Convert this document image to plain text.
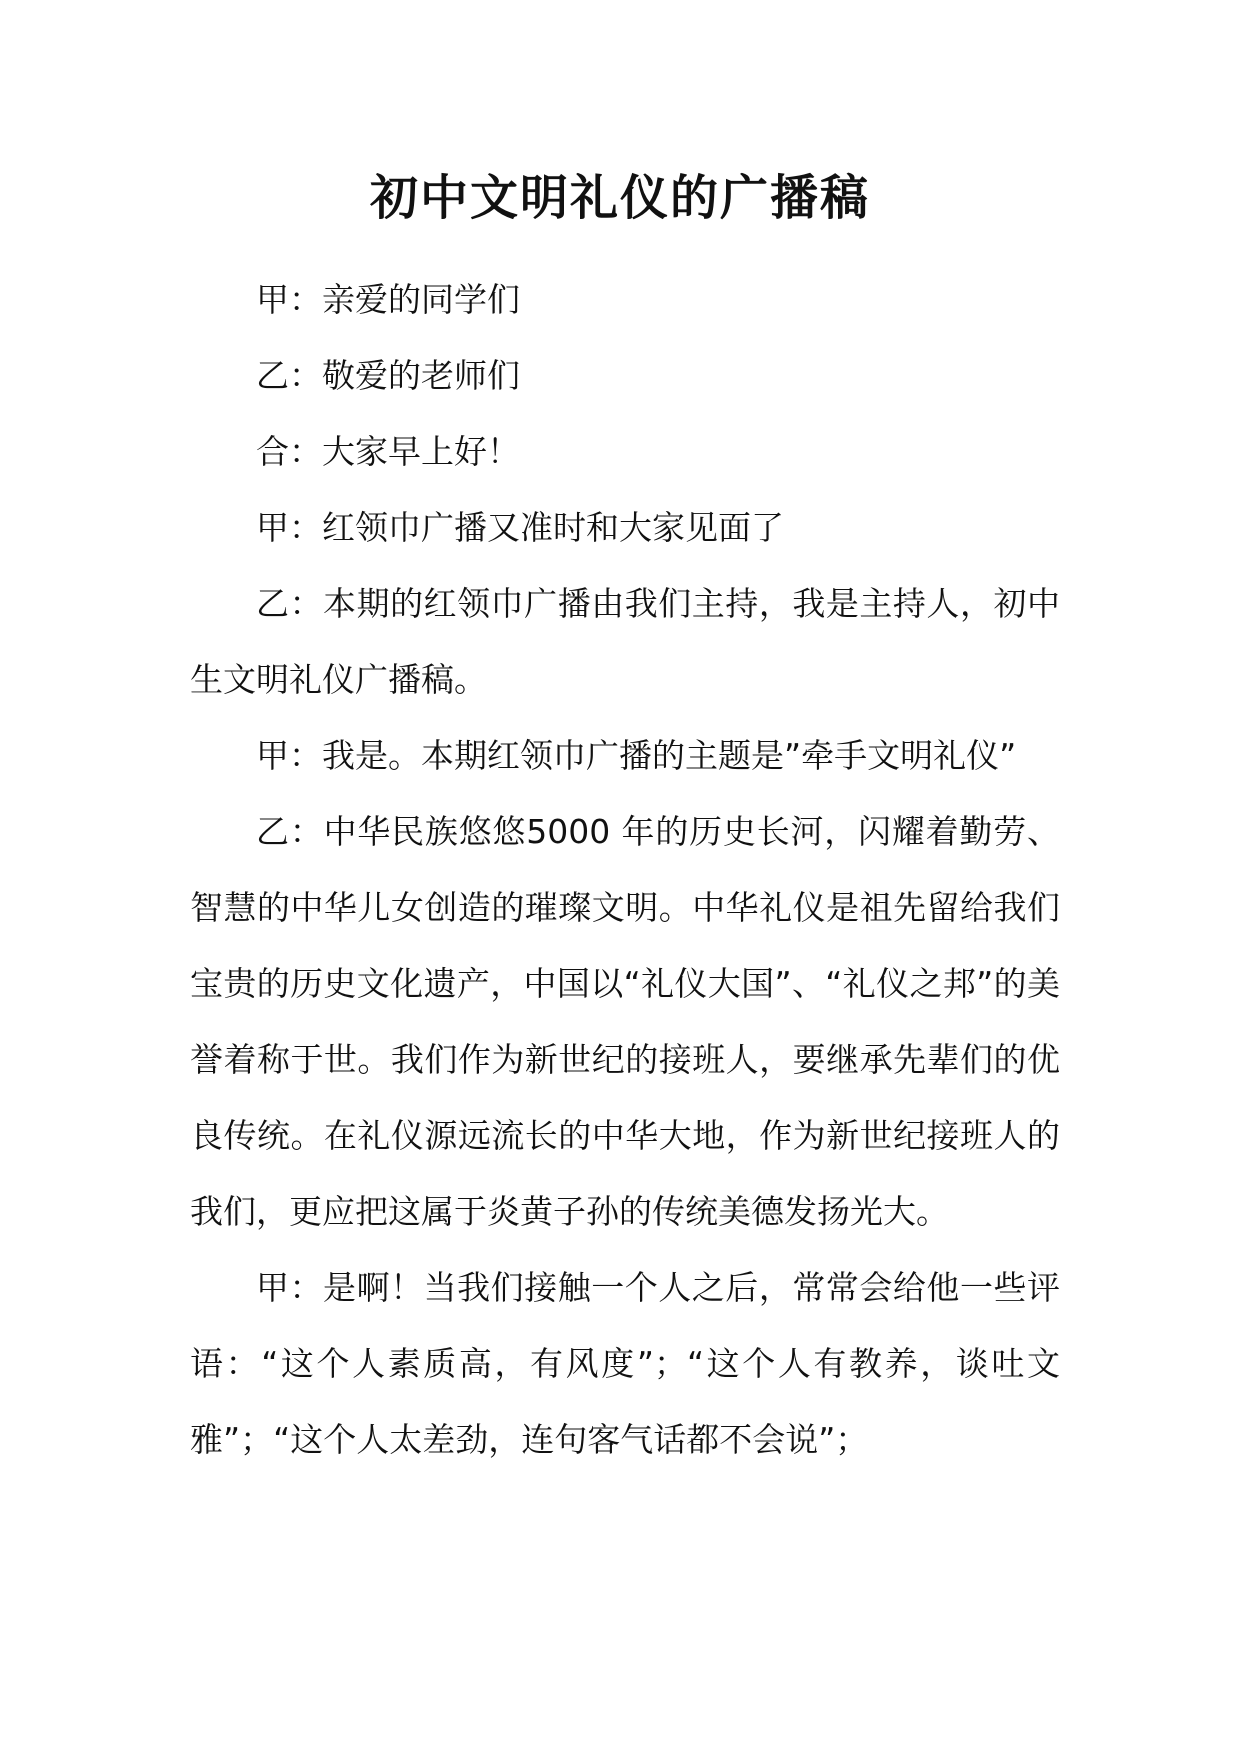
初中文明礼仪的广播稿

甲：亲爱的同学们

乙：敬爱的老师们

合：大家早上好！

甲：红领巾广播又准时和大家见面了

乙：本期的红领巾广播由我们主持，我是主持人，初中生文明礼仪广播稿。

甲：我是。本期红领巾广播的主题是”牵手文明礼仪”

乙：中华民族悠悠5000 年的历史长河，闪耀着勤劳、智慧的中华儿女创造的璀璨文明。中华礼仪是祖先留给我们宝贵的历史文化遗产，中国以“礼仪大国”、“礼仪之邦”的美誉着称于世。我们作为新世纪的接班人，要继承先辈们的优良传统。在礼仪源远流长的中华大地，作为新世纪接班人的我们，更应把这属于炎黄子孙的传统美德发扬光大。

甲：是啊！当我们接触一个人之后，常常会给他一些评语：“这个人素质高，有风度”；“这个人有教养，谈吐文雅”；“这个人太差劲，连句客气话都不会说”；
